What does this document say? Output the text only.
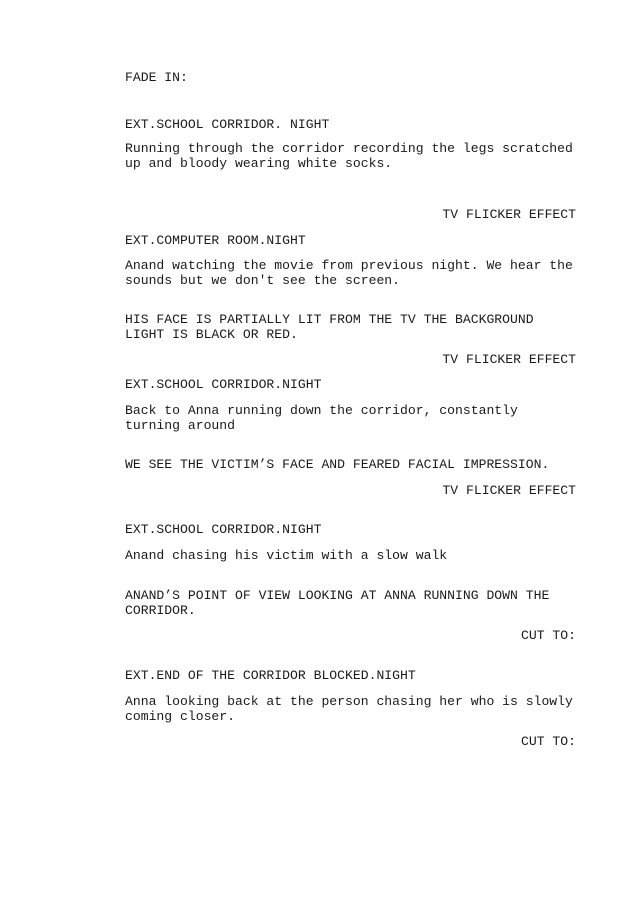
FADE IN:

EXT.SCHOOL CORRIDOR. NIGHT

Running through the corridor recording the legs scratched

up and bloody wearing white socks.

TV FLICKER EFFECT

EXT.COMPUTER ROOM.NIGHT

Anand watching the movie from previous night. We hear the

sounds but we don't see the screen.

HIS FACE IS PARTIALLY LIT FROM THE TV THE BACKGROUND

LIGHT IS BLACK OR RED.

TV FLICKER EFFECT

EXT.SCHOOL CORRIDOR.NIGHT

Back to Anna running down the corridor, constantly

turning around

WE SEE THE VICTIM’S FACE AND FEARED FACIAL IMPRESSION.

TV FLICKER EFFECT

EXT.SCHOOL CORRIDOR.NIGHT

Anand chasing his victim with a slow walk

ANAND’S POINT OF VIEW LOOKING AT ANNA RUNNING DOWN THE

CORRIDOR.

CUT TO:

EXT.END OF THE CORRIDOR BLOCKED.NIGHT

Anna looking back at the person chasing her who is slowly

coming closer.

CUT TO:
